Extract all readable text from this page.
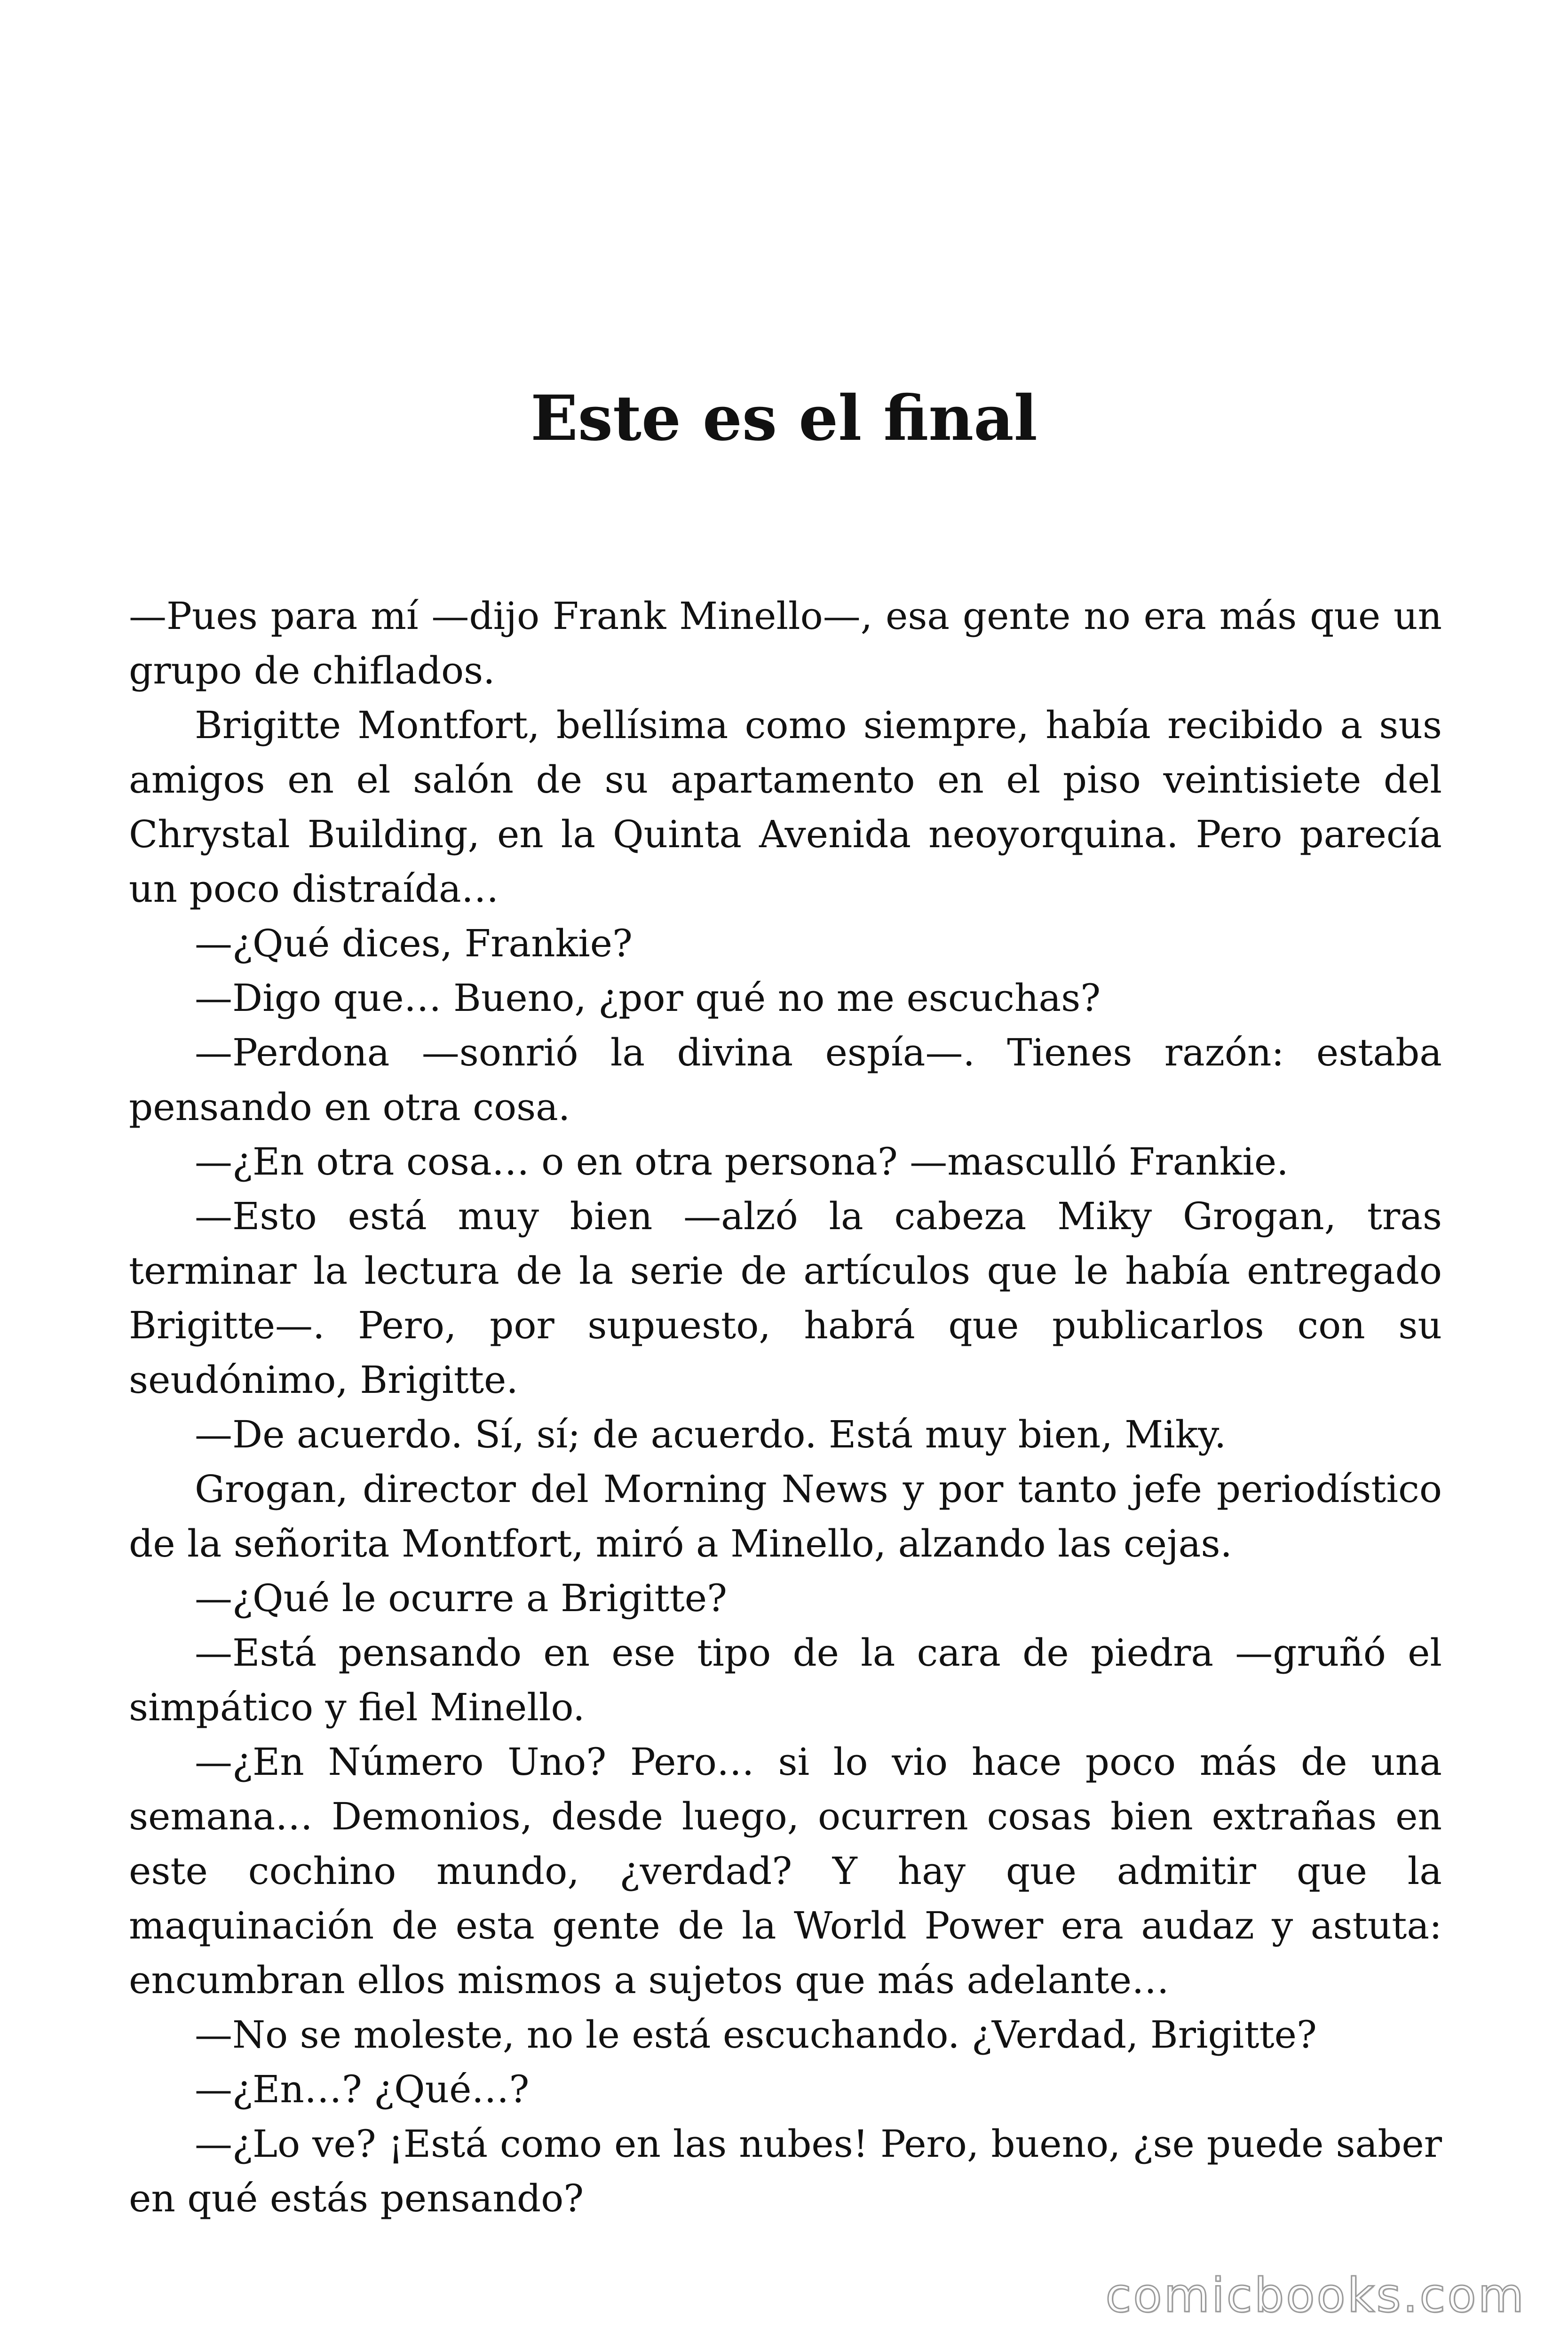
Este es el final

—Pues para mí —dijo Frank Minello—, esa gente no era más que un grupo de chiflados.

Brigitte Montfort, bellísima como siempre, había recibido a sus amigos en el salón de su apartamento en el piso veintisiete del Chrystal Building, en la Quinta Avenida neoyorquina. Pero parecía un poco distraída…

—¿Qué dices, Frankie?

—Digo que… Bueno, ¿por qué no me escuchas?

—Perdona —sonrió la divina espía—. Tienes razón: estaba pensando en otra cosa.

—¿En otra cosa… o en otra persona? —masculló Frankie.

—Esto está muy bien —alzó la cabeza Miky Grogan, tras terminar la lectura de la serie de artículos que le había entregado Brigitte—. Pero, por supuesto, habrá que publicarlos con su seudónimo, Brigitte.

—De acuerdo. Sí, sí; de acuerdo. Está muy bien, Miky.

Grogan, director del Morning News y por tanto jefe periodístico de la señorita Montfort, miró a Minello, alzando las cejas.

—¿Qué le ocurre a Brigitte?

—Está pensando en ese tipo de la cara de piedra —gruñó el simpático y fiel Minello.

—¿En Número Uno? Pero… si lo vio hace poco más de una semana… Demonios, desde luego, ocurren cosas bien extrañas en este cochino mundo, ¿verdad? Y hay que admitir que la maquinación de esta gente de la World Power era audaz y astuta: encumbran ellos mismos a sujetos que más adelante…

—No se moleste, no le está escuchando. ¿Verdad, Brigitte?

—¿En…? ¿Qué…?

—¿Lo ve? ¡Está como en las nubes! Pero, bueno, ¿se puede saber en qué estás pensando?

comicbooks.com
